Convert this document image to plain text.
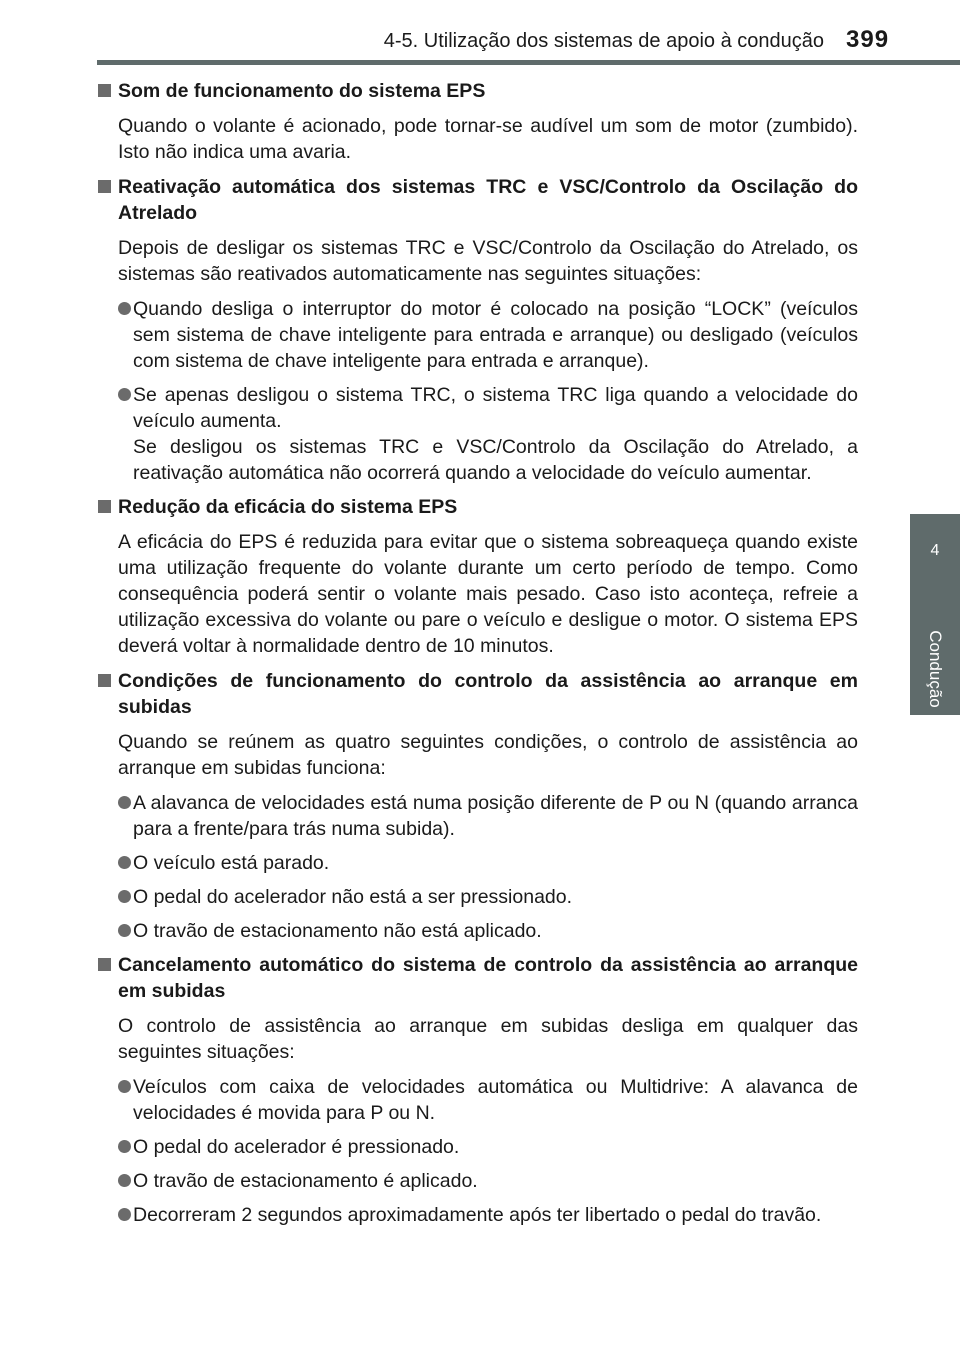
4-5. Utilização dos sistemas de apoio à condução 399
4
Condução
Som de funcionamento do sistema EPS
Quando o volante é acionado, pode tornar-se audível um som de motor (zumbido). Isto não indica uma avaria.
Reativação automática dos sistemas TRC e VSC/Controlo da Oscilação do Atrelado
Depois de desligar os sistemas TRC e VSC/Controlo da Oscilação do Atrelado, os sistemas são reativados automaticamente nas seguintes situações:
Quando desliga o interruptor do motor é colocado na posição “LOCK” (veículos sem sistema de chave inteligente para entrada e arranque) ou desligado (veículos com sistema de chave inteligente para entrada e arranque).
Se apenas desligou o sistema TRC, o sistema TRC liga quando a velocidade do veículo aumenta.
Se desligou os sistemas TRC e VSC/Controlo da Oscilação do Atrelado, a reativação automática não ocorrerá quando a velocidade do veículo aumentar.
Redução da eficácia do sistema EPS
A eficácia do EPS é reduzida para evitar que o sistema sobreaqueça quando existe uma utilização frequente do volante durante um certo período de tempo. Como consequência poderá sentir o volante mais pesado. Caso isto aconteça, refreie a utilização excessiva do volante ou pare o veículo e desligue o motor. O sistema EPS deverá voltar à normalidade dentro de 10 minutos.
Condições de funcionamento do controlo da assistência ao arranque em subidas
Quando se reúnem as quatro seguintes condições, o controlo de assistência ao arranque em subidas funciona:
A alavanca de velocidades está numa posição diferente de P ou N (quando arranca para a frente/para trás numa subida).
O veículo está parado.
O pedal do acelerador não está a ser pressionado.
O travão de estacionamento não está aplicado.
Cancelamento automático do sistema de controlo da assistência ao arranque em subidas
O controlo de assistência ao arranque em subidas desliga em qualquer das seguintes situações:
Veículos com caixa de velocidades automática ou Multidrive: A alavanca de velocidades é movida para P ou N.
O pedal do acelerador é pressionado.
O travão de estacionamento é aplicado.
Decorreram 2 segundos aproximadamente após ter libertado o pedal do travão.
